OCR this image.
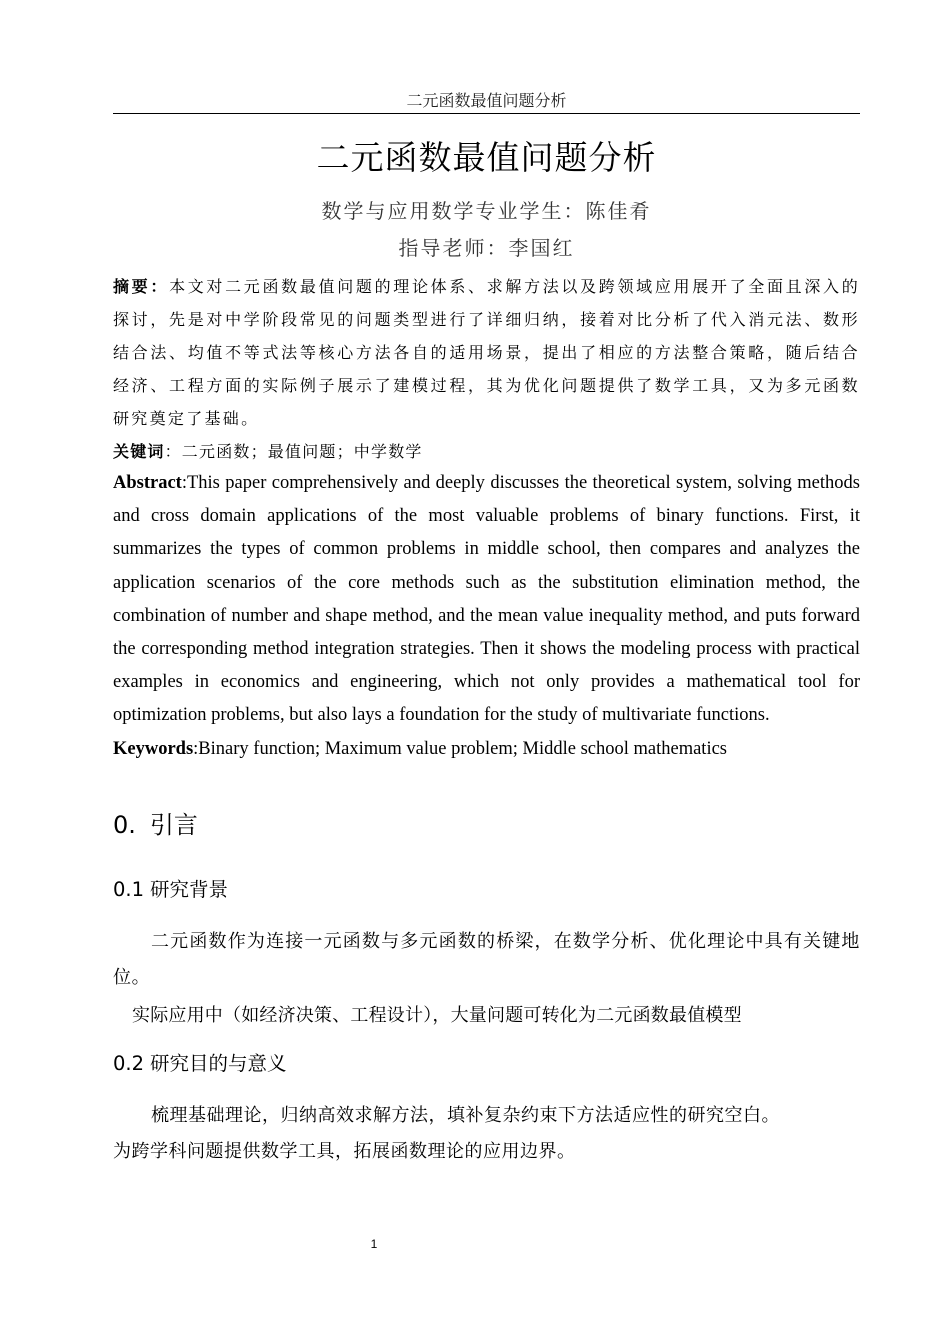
二元函数最值问题分析
二元函数最值问题分析
数学与应用数学专业学生：陈佳肴
指导老师：李国红
摘要：本文对二元函数最值问题的理论体系、求解方法以及跨领域应用展开了全面且深入的探讨，先是对中学阶段常见的问题类型进行了详细归纳，接着对比分析了代入消元法、数形结合法、均值不等式法等核心方法各自的适用场景，提出了相应的方法整合策略，随后结合经济、工程方面的实际例子展示了建模过程，其为优化问题提供了数学工具，又为多元函数研究奠定了基础。
关键词：二元函数；最值问题；中学数学
Abstract:This paper comprehensively and deeply discusses the theoretical system, solving methods and cross domain applications of the most valuable problems of binary functions. First, it summarizes the types of common problems in middle school, then compares and analyzes the application scenarios of the core methods such as the substitution elimination method, the combination of number and shape method, and the mean value inequality method, and puts forward the corresponding method integration strategies. Then it shows the modeling process with practical examples in economics and engineering, which not only provides a mathematical tool for optimization problems, but also lays a foundation for the study of multivariate functions.
Keywords:Binary function; Maximum value problem; Middle school mathematics
0. 引言
0.1 研究背景
二元函数作为连接一元函数与多元函数的桥梁，在数学分析、优化理论中具有关键地位。
实际应用中（如经济决策、工程设计），大量问题可转化为二元函数最值模型
0.2 研究目的与意义
梳理基础理论，归纳高效求解方法，填补复杂约束下方法适应性的研究空白。
为跨学科问题提供数学工具，拓展函数理论的应用边界。
1
